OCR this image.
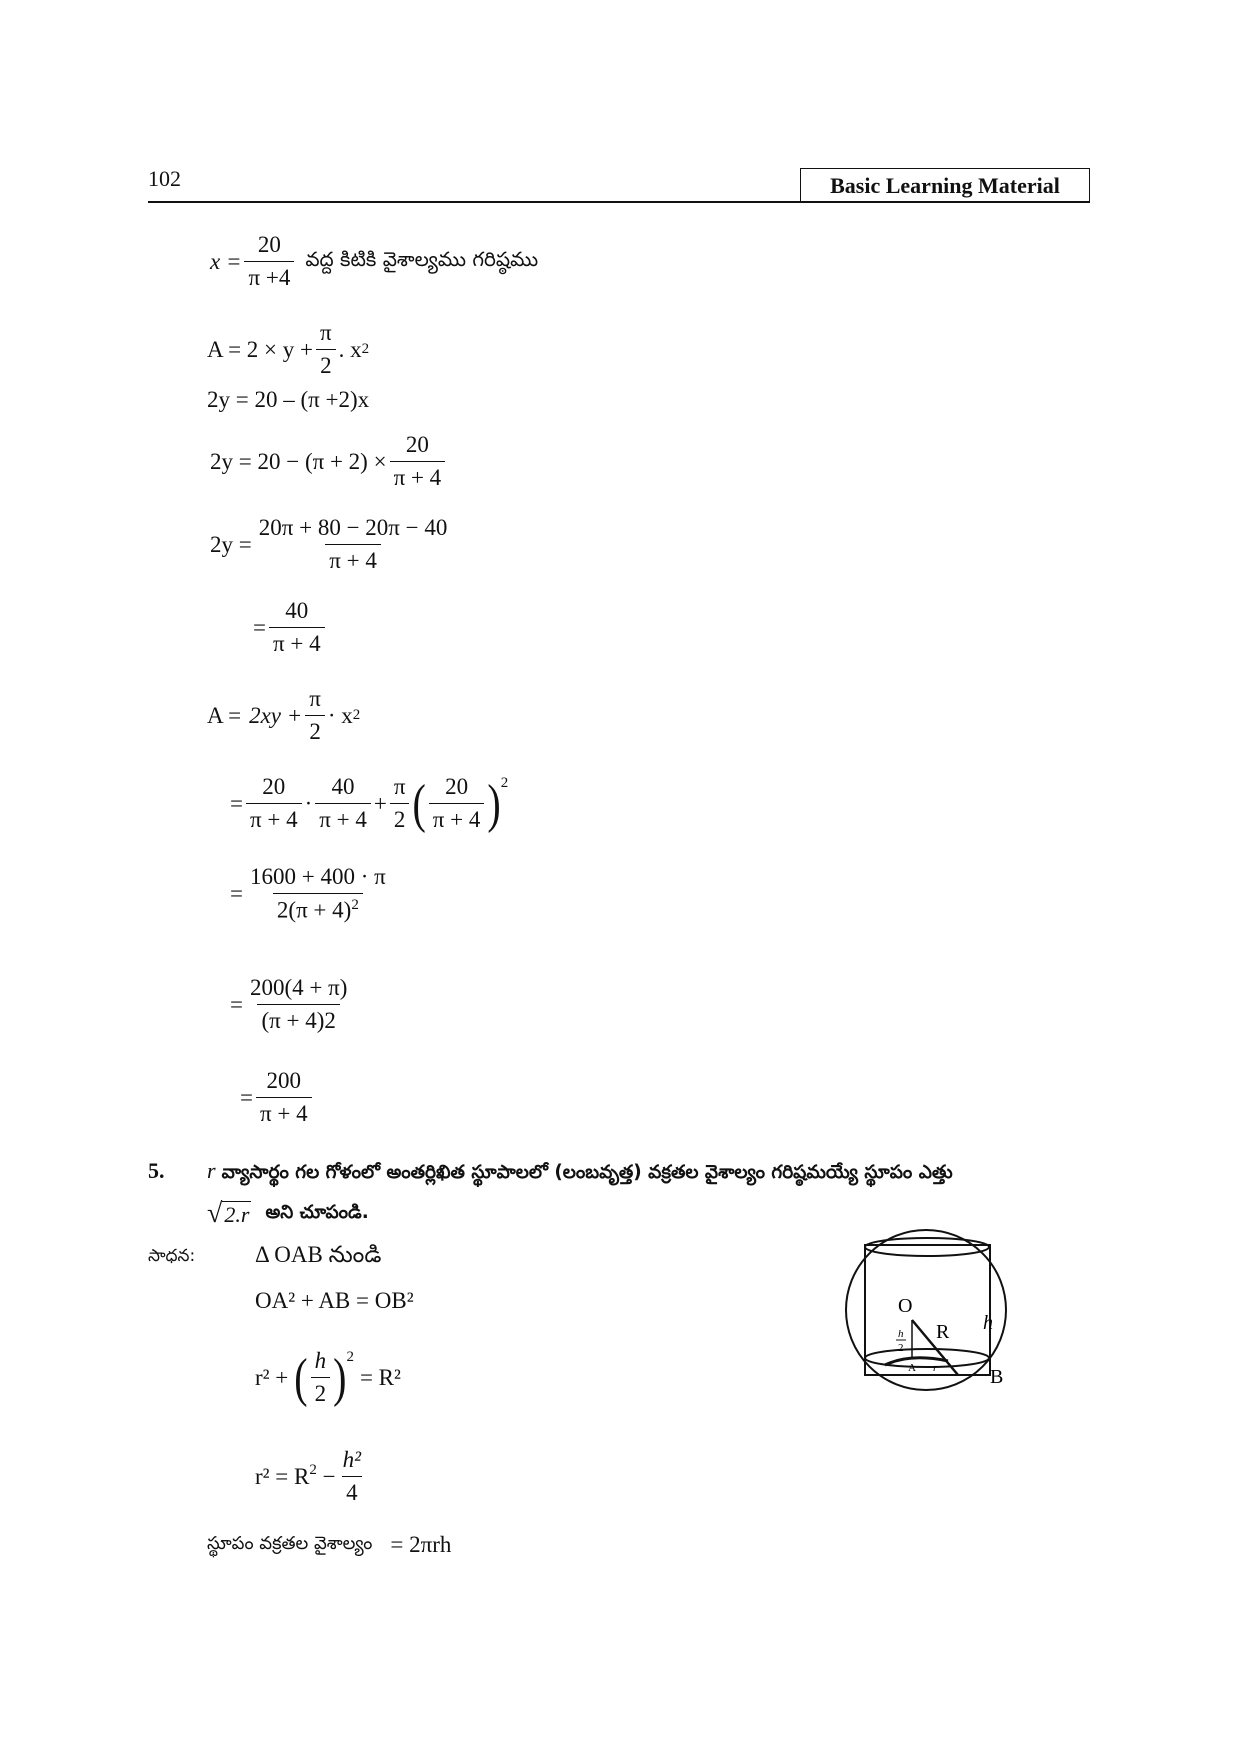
102	Basic Learning Material
$x = \frac{20}{\pi +4}$ వద్ద కిటికి వైశాల్యము గరిష్ఠము
$A = 2 \times y + \frac{\pi}{2}$ . x 2
2y = 20 – (π +2)x
$2y = 20 - (\pi + 2) \times \frac{20}{\pi + 4}$
$2y = \frac{20\pi + 80 - 20\pi - 40}{\pi + 4}$
= $\frac{40}{\pi + 4}$
$A = 2xy + \frac{\pi}{2} \cdot x$ 2
= $\frac{20}{\pi + 4} \cdot \frac{40}{\pi + 4} + \frac{\pi}{2}$ ( $\frac{20}{\pi + 4} )^2$
= $\frac{1600 + 400 \cdot \pi}{2(\pi + 4)^2}$
= $\frac{200(4 + \pi)}{(\pi + 4)2}$
= $\frac{200}{\pi + 4}$
5. r వ్యాసార్థం గల గోళంలో అంతర్లిఖిత స్థూపాలలో (లంబవృత్త) వక్రతల వైశాల్యం గరిష్ఠమయ్యే స్థూపం ఎత్తు
√ 2.r అని చూపండి.
సాధన:	Δ OAB నుండి
OA² + AB = OB²
r² + ( $\frac{h}{2} )^2$
= R²
$r^2 = R^2 - \frac{\text{h²}}{4}$
స్థూపం వక్రతల వైశాల్యం = 2πrh
O
R h
h
2
A r	B
